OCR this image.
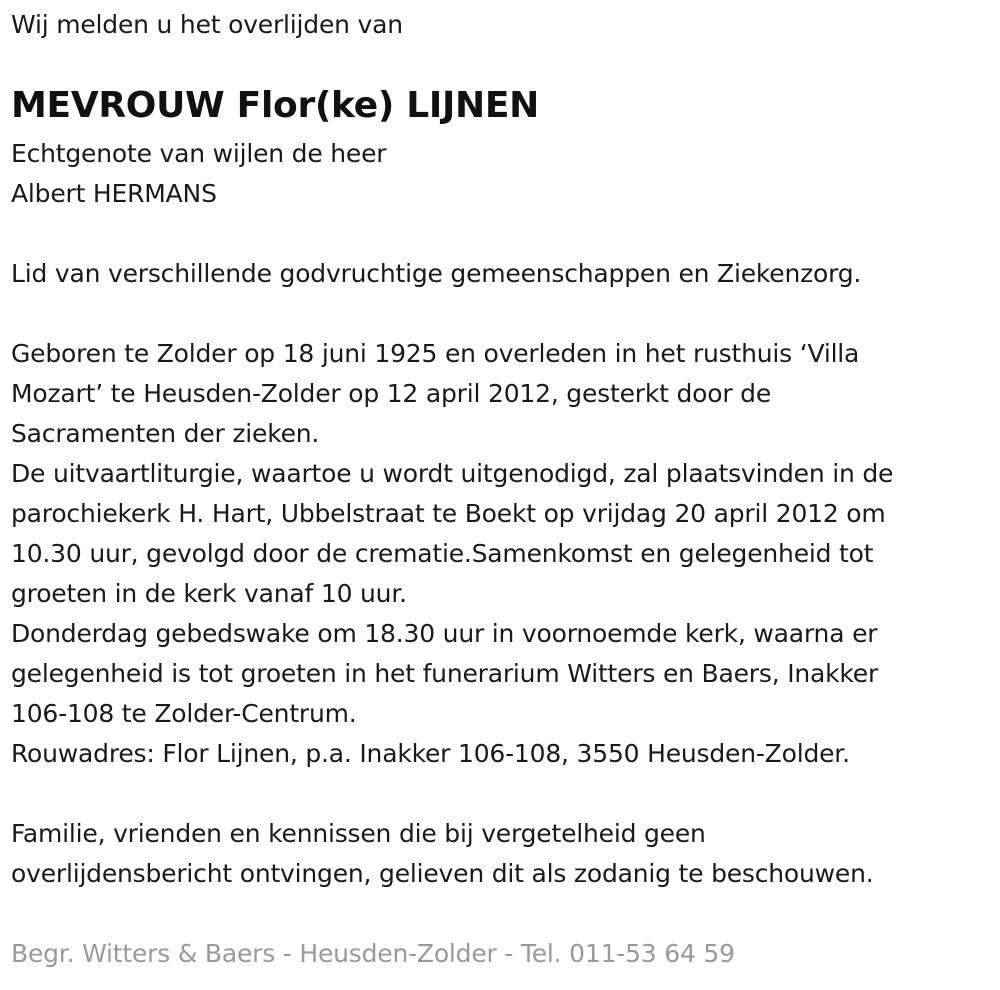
Wij melden u het overlijden van
MEVROUW Flor(ke) LIJNEN
Echtgenote van wijlen de heer
Albert HERMANS
Lid van verschillende godvruchtige gemeenschappen en Ziekenzorg.
Geboren te Zolder op 18 juni 1925 en overleden in het rusthuis ‘Villa
Mozart’ te Heusden-Zolder op 12 april 2012, gesterkt door de
Sacramenten der zieken.
De uitvaartliturgie, waartoe u wordt uitgenodigd, zal plaatsvinden in de
parochiekerk H. Hart, Ubbelstraat te Boekt op vrijdag 20 april 2012 om
10.30 uur, gevolgd door de crematie.Samenkomst en gelegenheid tot
groeten in de kerk vanaf 10 uur.
Donderdag gebedswake om 18.30 uur in voornoemde kerk, waarna er
gelegenheid is tot groeten in het funerarium Witters en Baers, Inakker
106-108 te Zolder-Centrum.
Rouwadres: Flor Lijnen, p.a. Inakker 106-108, 3550 Heusden-Zolder.
Familie, vrienden en kennissen die bij vergetelheid geen
overlijdensbericht ontvingen, gelieven dit als zodanig te beschouwen.
Begr. Witters & Baers - Heusden-Zolder - Tel. 011-53 64 59
